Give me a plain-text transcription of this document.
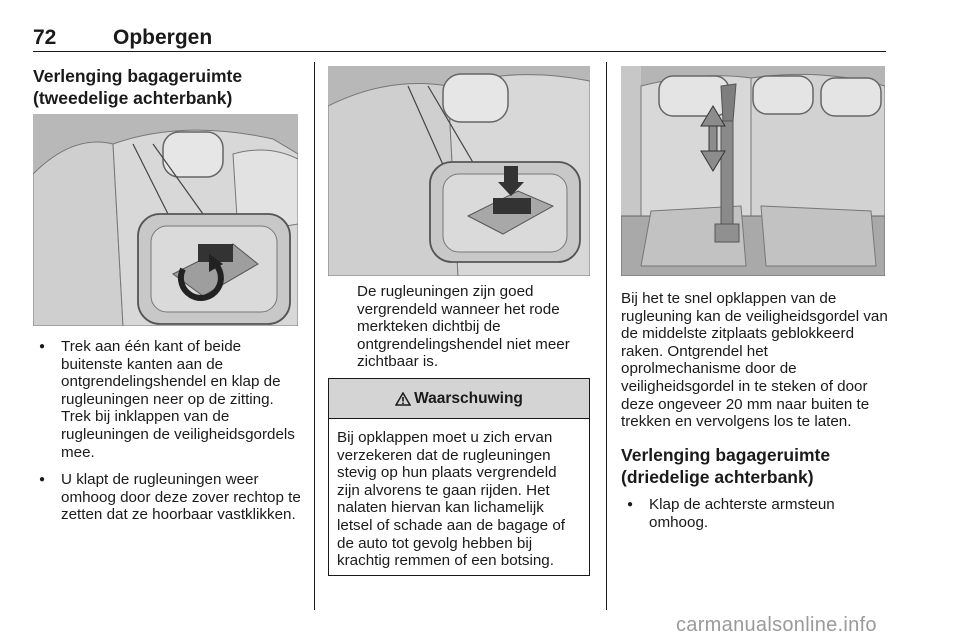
72	Opbergen
Verlenging bagageruimte
(tweedelige achterbank)
● Trek aan één kant of beide buitenste kanten aan de ontgrendelingshendel en klap de rugleuningen neer op de zitting. Trek bij inklappen van de rugleuningen de veiligheidsgordels mee.
● U klapt de rugleuningen weer omhoog door deze zover rechtop te zetten dat ze hoorbaar vastklikken.
De rugleuningen zijn goed vergrendeld wanneer het rode merkteken dichtbij de ontgrendelingshendel niet meer zichtbaar is.
Waarschuwing
Bij opklappen moet u zich ervan verzekeren dat de rugleuningen stevig op hun plaats vergrendeld zijn alvorens te gaan rijden. Het nalaten hiervan kan lichamelijk letsel of schade aan de bagage of de auto tot gevolg hebben bij krachtig remmen of een botsing.
Bij het te snel opklappen van de rugleuning kan de veiligheidsgordel van de middelste zitplaats geblokkeerd raken. Ontgrendel het oprolmechanisme door de veiligheidsgordel in te steken of door deze ongeveer 20 mm naar buiten te trekken en vervolgens los te laten.
Verlenging bagageruimte
(driedelige achterbank)
● Klap de achterste armsteun omhoog.
carmanualsonline.info
